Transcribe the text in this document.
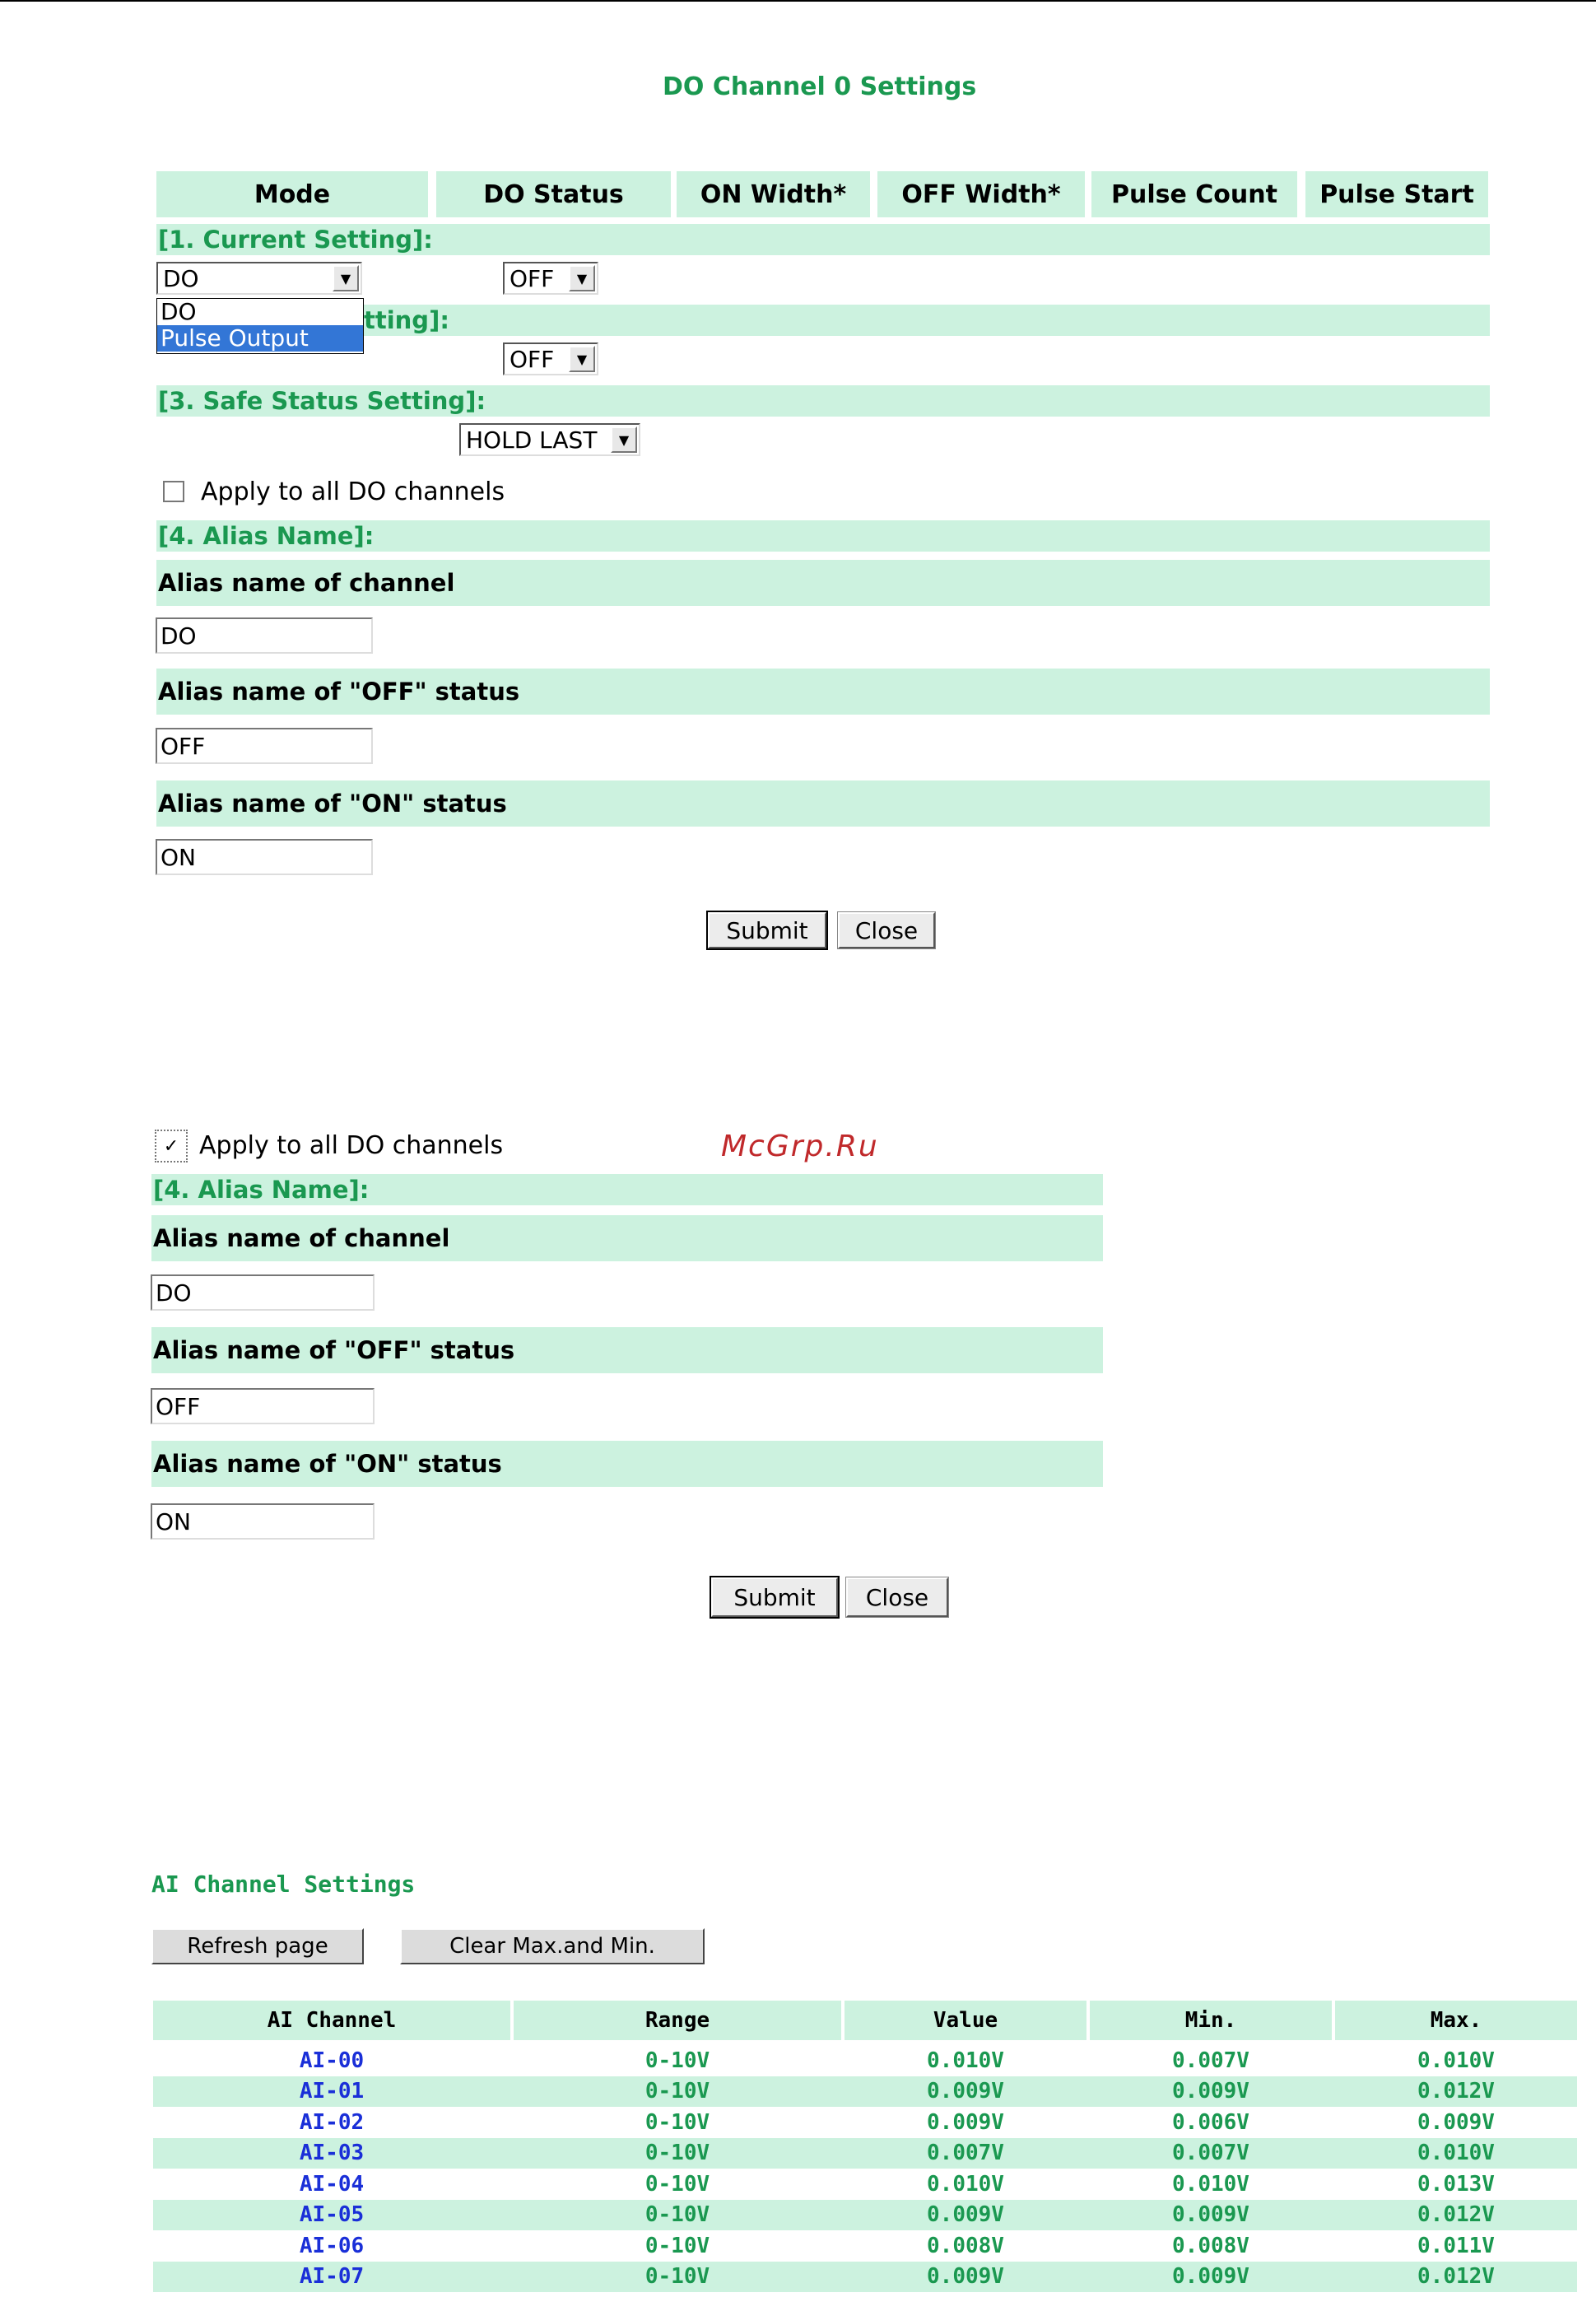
DO Channel 0 Settings
Mode	DO Status	ON Width*	OFF Width*	Pulse Count	Pulse Start
[1. Current Setting]:
DO	▼	OFF	▼
tting]:
DO
Pulse Output
OFF	▼
[3. Safe Status Setting]:
HOLD LAST	▼
Apply to all DO channels
[4. Alias Name]:
Alias name of channel
DO
Alias name of "OFF" status
OFF
Alias name of "ON" status
ON
Submit	Close
✓ Apply to all DO channels	McGrp.Ru
[4. Alias Name]:
Alias name of channel
DO
Alias name of "OFF" status
OFF
Alias name of "ON" status
ON
Submit	Close
AI Channel Settings
Refresh page	Clear Max.and Min.
AI Channel	Range	Value	Min.	Max.
AI-00	0-10V	0.010V	0.007V	0.010V
AI-01	0-10V	0.009V	0.009V	0.012V
AI-02	0-10V	0.009V	0.006V	0.009V
AI-03	0-10V	0.007V	0.007V	0.010V
AI-04	0-10V	0.010V	0.010V	0.013V
AI-05	0-10V	0.009V	0.009V	0.012V
AI-06	0-10V	0.008V	0.008V	0.011V
AI-07	0-10V	0.009V	0.009V	0.012V
